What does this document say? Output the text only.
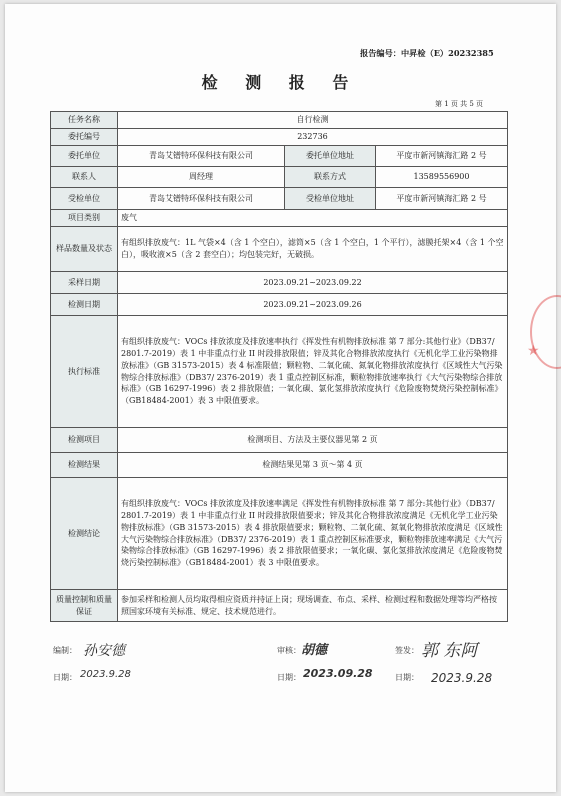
报告编号：中昇检（E）20232385
检 测 报 告
第 1 页 共 5 页
任务名称	自行检测		
委托编号	232736		
委托单位	青岛艾镨特环保科技有限公司	委托单位地址	平度市新河镇海汇路 2 号
联系人	周经理	联系方式	13589556900
受检单位	青岛艾镨特环保科技有限公司	受检单位地址	平度市新河镇海汇路 2 号
项目类别	废气		
样品数量及状态	有组织排放废气：1L 气袋×4（含 1 个空白），滤筒×5（含 1 个空白，1 个平行），滤膜托架×4（含 1 个空白），吸收液×5（含 2 套空白）；均包装完好，无破损。		
采样日期	2023.09.21~2023.09.22		
检测日期	2023.09.21~2023.09.26		
执行标准	有组织排放废气：VOCs 排放浓度及排放速率执行《挥发性有机物排放标准 第 7 部分:其他行业》（DB37/ 2801.7-2019）表 1 中非重点行业 II 时段排放限值；锌及其化合物排放浓度执行《无机化学工业污染物排放标准》（GB 31573-2015）表 4 标准限值；颗粒物、二氧化硫、氮氧化物排放浓度执行《区域性大气污染物综合排放标准》（DB37/ 2376-2019）表 1 重点控制区标准，颗粒物排放速率执行《大气污染物综合排放标准》（GB 16297-1996）表 2 排放限值；一氧化碳、氯化氢排放浓度执行《危险废物焚烧污染控制标准》（GB18484-2001）表 3 中限值要求。		
检测项目	检测项目、方法及主要仪器见第 2 页		
检测结果	检测结果见第 3 页～第 4 页		
检测结论	有组织排放废气：VOCs 排放浓度及排放速率满足《挥发性有机物排放标准 第 7 部分:其他行业》（DB37/ 2801.7-2019）表 1 中非重点行业 II 时段排放限值要求；锌及其化合物排放浓度满足《无机化学工业污染物排放标准》（GB 31573-2015）表 4 排放限值要求；颗粒物、二氧化硫、氮氧化物排放浓度满足《区域性大气污染物综合排放标准》（DB37/ 2376-2019）表 1 重点控制区标准要求，颗粒物排放速率满足《大气污染物综合排放标准》（GB 16297-1996）表 2 排放限值要求；一氧化碳、氯化氢排放浓度满足《危险废物焚烧污染控制标准》（GB18484-2001）表 3 中限值要求。		
质量控制和质量保证	参加采样和检测人员均取得相应资质并持证上岗；现场调查、布点、采样、检测过程和数据处理等均严格按照国家环境有关标准、规定、技术规范进行。		
编制： 孙安德	审核： 胡德	签发： 郭 东阿
日期： 2023.9.28	日期： 2023.09.28	日期： 2023.9.28
★
